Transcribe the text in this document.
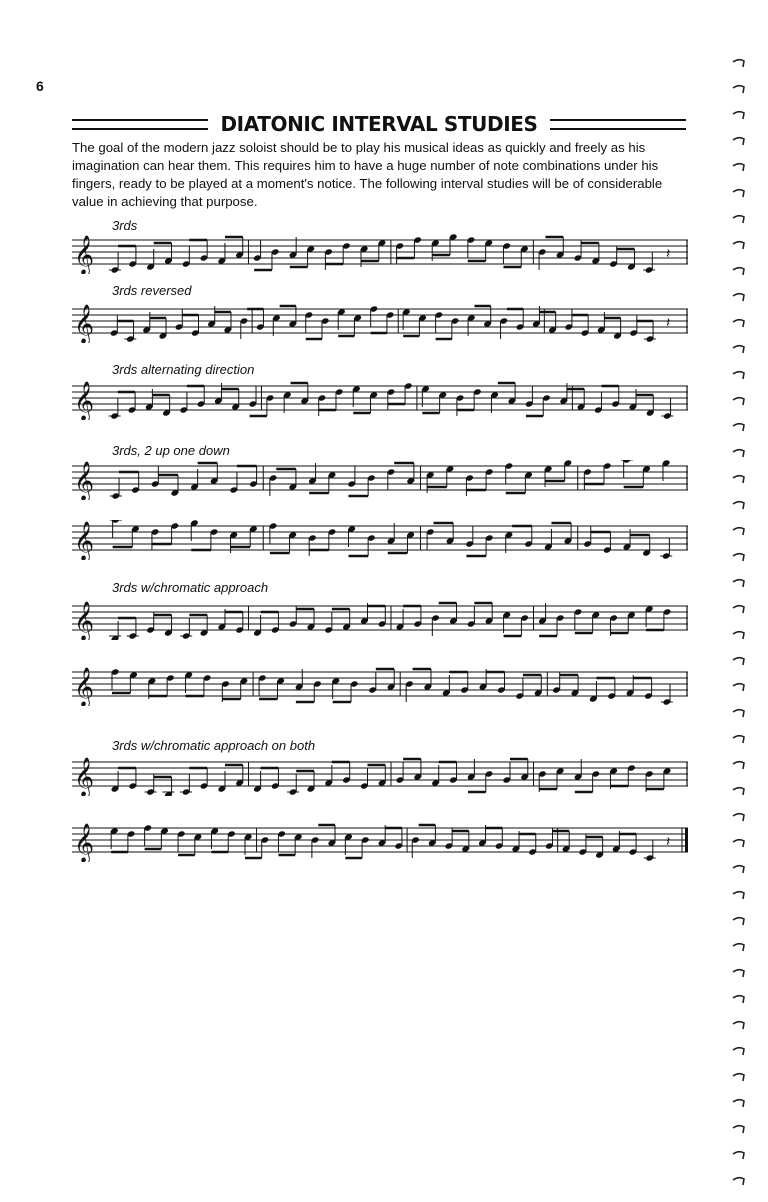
6
DIATONIC INTERVAL STUDIES

The goal of the modern jazz soloist should be to play his musical ideas as quickly and freely as his imagination can hear them. This requires him to have a huge number of note combinations under his fingers, ready to be played at a moment's notice. The following interval studies will be of considerable value in achieving that purpose.

3rds
𝄞	𝄽
3rds reversed
𝄞	𝄽
3rds alternating direction
𝄞
3rds, 2 up one down
𝄞
𝄞
3rds w/chromatic approach
𝄞
𝄞
3rds w/chromatic approach on both
𝄞
𝄞	𝄽
